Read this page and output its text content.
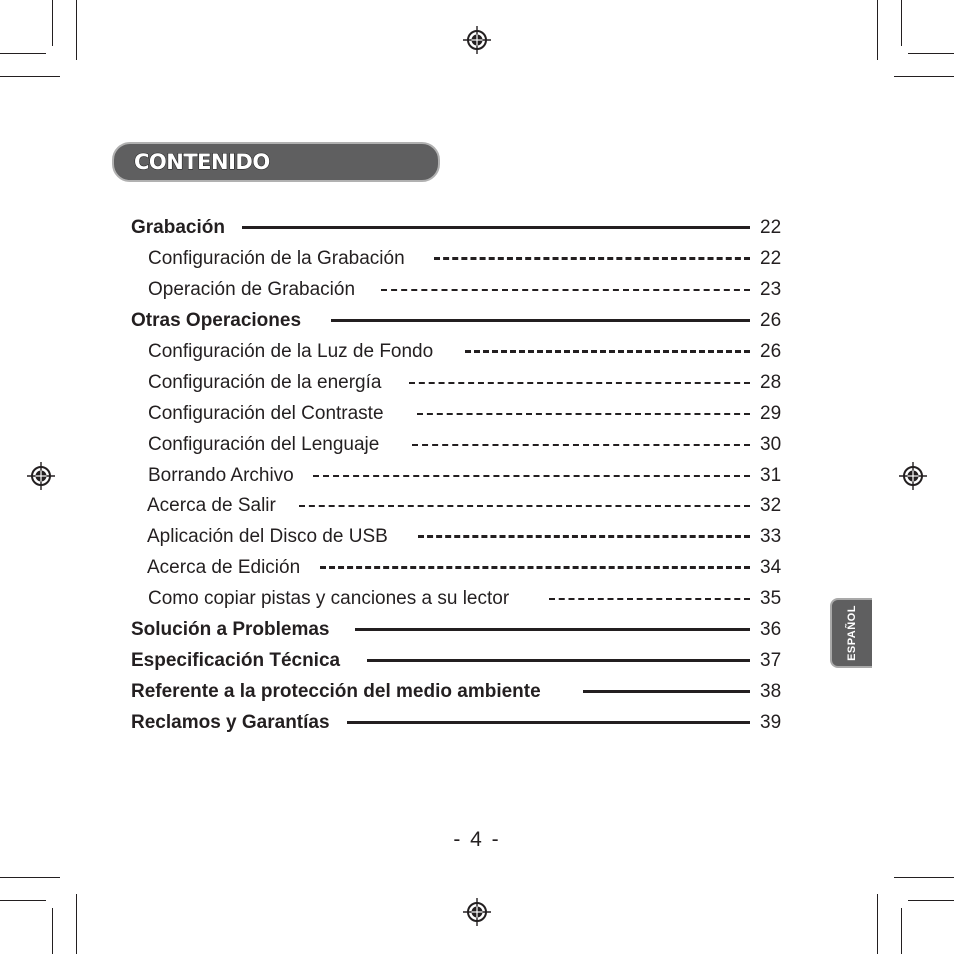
CONTENIDO
Grabación	22
Configuración de la Grabación	22
Operación de Grabación	23
Otras Operaciones	26
Configuración de la Luz de Fondo	26
Configuración de la energía	28
Configuración del Contraste	29
Configuración del Lenguaje	30
Borrando Archivo	31
Acerca de Salir	32
Aplicación del Disco de USB	33
Acerca de Edición	34
Como copiar pistas y canciones a su lector	35
Solución a Problemas	36
Especificación Técnica	37
Referente a la protección del medio ambiente	38
Reclamos y Garantías	39
ESPAÑOL
- 4 -
